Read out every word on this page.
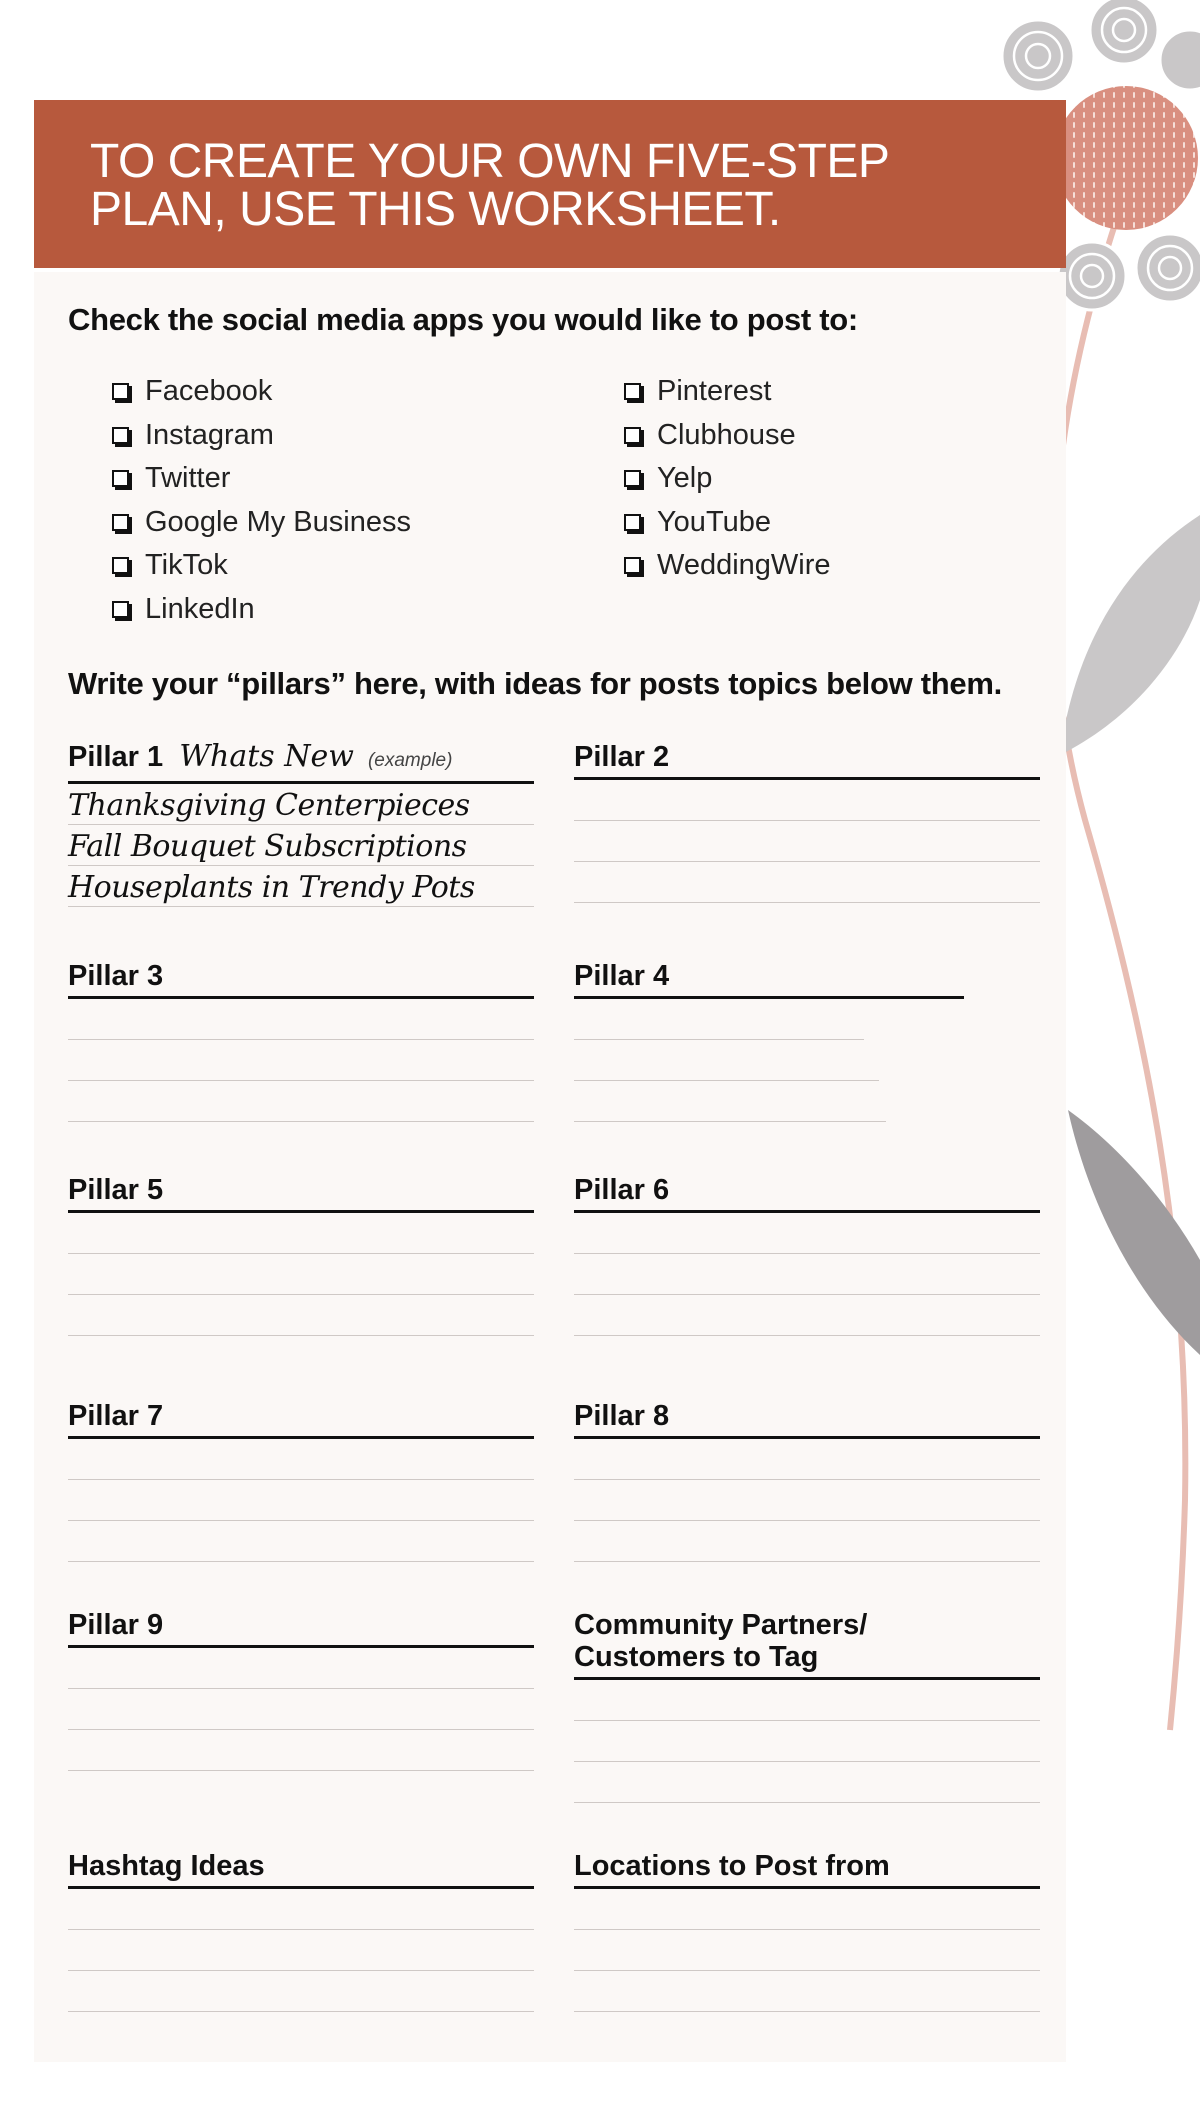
TO CREATE YOUR OWN FIVE-STEP PLAN, USE THIS WORKSHEET.
Check the social media apps you would like to post to:
Facebook
Instagram
Twitter
Google My Business
TikTok
LinkedIn
Pinterest
Clubhouse
Yelp
YouTube
WeddingWire
Write your “pillars” here, with ideas for posts topics below them.
Pillar 1 Whats New (example)
Thanksgiving Centerpieces
Fall Bouquet Subscriptions
Houseplants in Trendy Pots
Pillar 2
Pillar 3	Pillar 4
Pillar 5	Pillar 6
Pillar 7	Pillar 8
Pillar 9	Community Partners/ Customers to Tag
Hashtag Ideas	Locations to Post from
